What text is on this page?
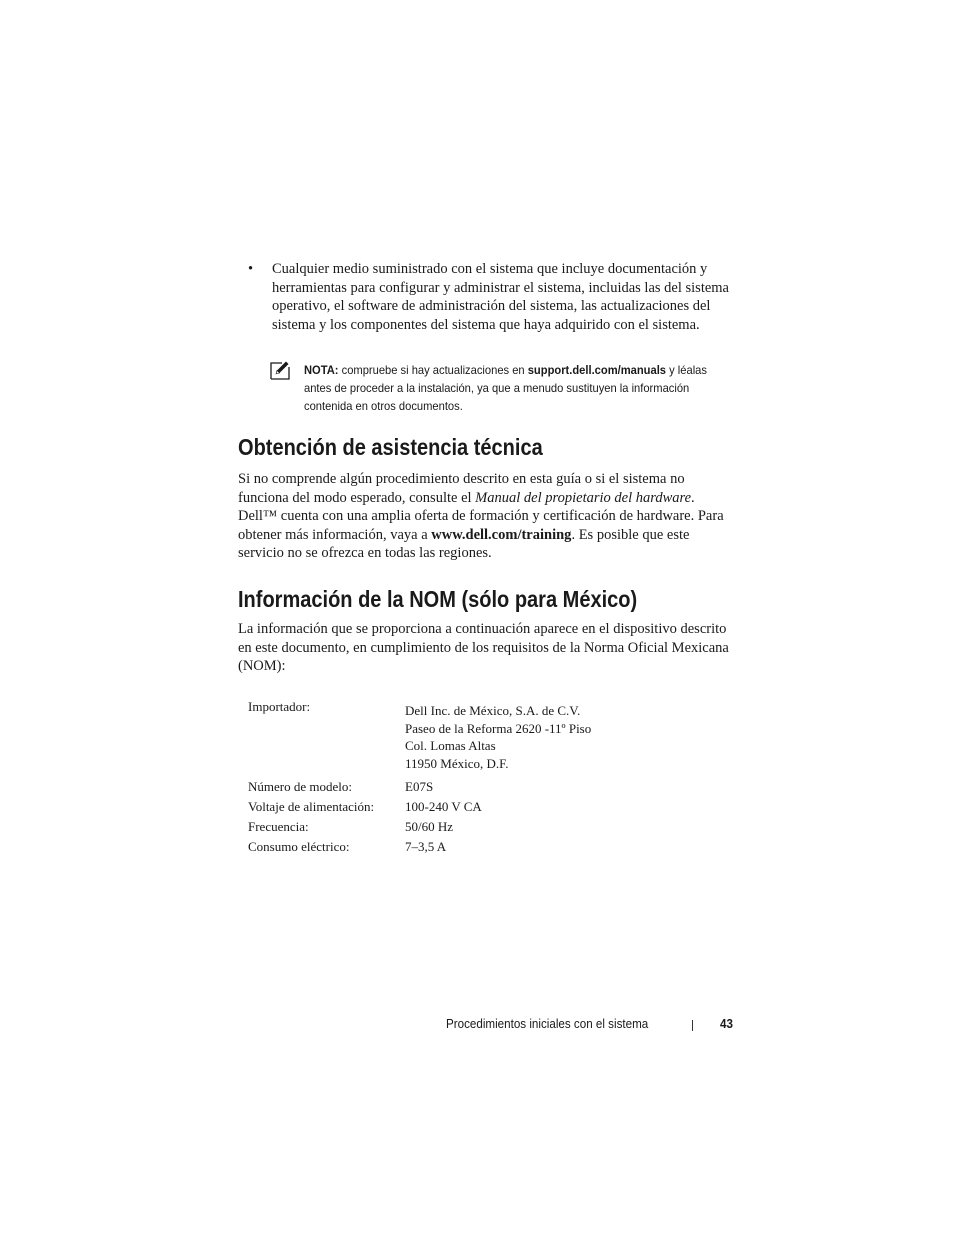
• Cualquier medio suministrado con el sistema que incluye documentación y herramientas para configurar y administrar el sistema, incluidas las del sistema operativo, el software de administración del sistema, las actualizaciones del sistema y los componentes del sistema que haya adquirido con el sistema.
NOTA: compruebe si hay actualizaciones en support.dell.com/manuals y léalas antes de proceder a la instalación, ya que a menudo sustituyen la información contenida en otros documentos.
Obtención de asistencia técnica

Si no comprende algún procedimiento descrito en esta guía o si el sistema no funciona del modo esperado, consulte el Manual del propietario del hardware. Dell™ cuenta con una amplia oferta de formación y certificación de hardware. Para obtener más información, vaya a www.dell.com/training. Es posible que este servicio no se ofrezca en todas las regiones.

Información de la NOM (sólo para México)

La información que se proporciona a continuación aparece en el dispositivo descrito en este documento, en cumplimiento de los requisitos de la Norma Oficial Mexicana (NOM):

Importador:	Dell Inc. de México, S.A. de C.V.
Paseo de la Reforma 2620 -11º Piso
Col. Lomas Altas
11950 México, D.F.
Número de modelo:	E07S
Voltaje de alimentación: 100-240 V CA
Frecuencia:	50/60 Hz
Consumo eléctrico:	7–3,5 A
Procedimientos iniciales con el sistema	43
